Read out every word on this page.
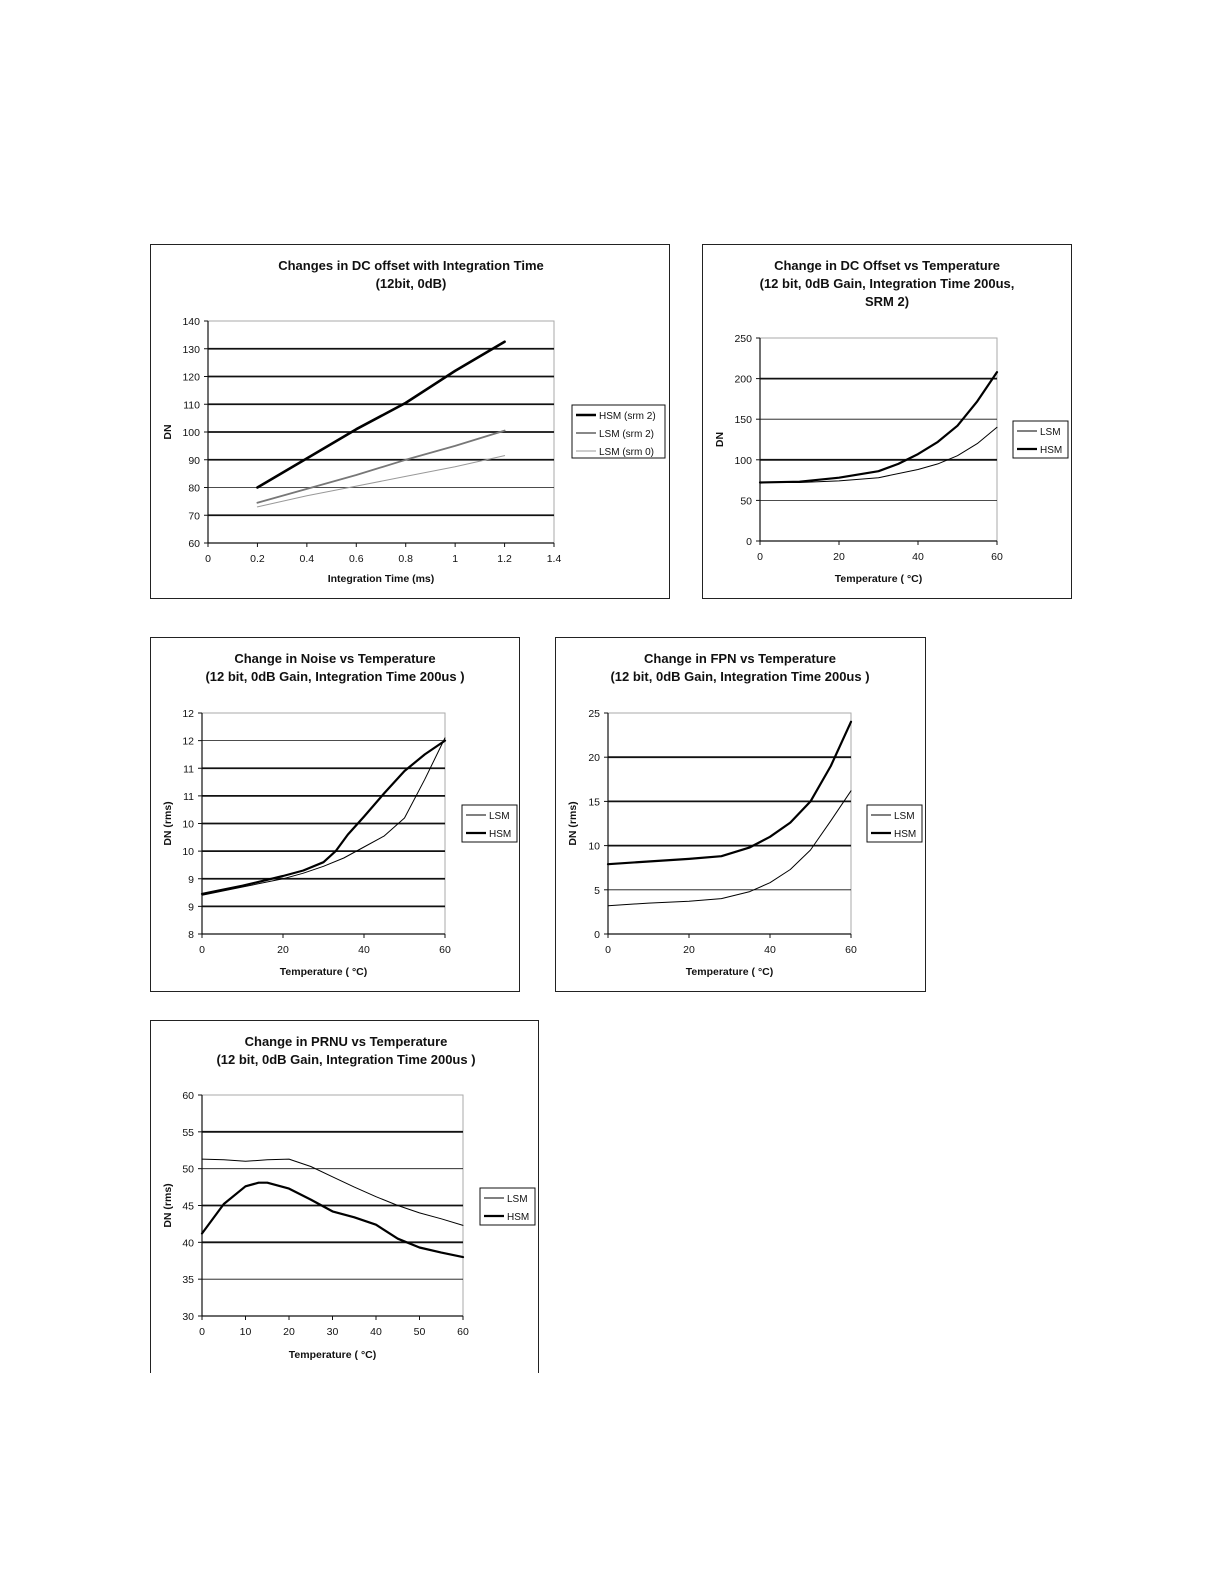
Changes in DC offset with Integration Time
(12bit, 0dB)
60
70
80
90
100
110
120
130
140
0	0.2	0.4	0.6	0.8	1	1.2	1.4
Integration Time (ms)
DN
HSM (srm 2)
LSM (srm 2)
LSM (srm 0)
Change in DC Offset vs Temperature
(12 bit, 0dB Gain, Integration Time 200us,
SRM 2)
0
50
100
150
200
250
0	20	40	60
Temperature ( °C)
DN	LSM
HSM
Change in Noise vs Temperature
(12 bit, 0dB Gain, Integration Time 200us )
8
9
9
10
10
11
11
12
12
0	20	40	60
Temperature ( °C)
DN (rms)	LSM
HSM
Change in FPN vs Temperature
(12 bit, 0dB Gain, Integration Time 200us )
0
5
10
15
20
25
0	20	40	60
Temperature ( °C)
DN (rms)	LSM
HSM
Change in PRNU vs Temperature
(12 bit, 0dB Gain, Integration Time 200us )
30
35
40
45
50
55
60
0	10	20	30	40	50	60
Temperature ( °C)
DN (rms)	LSM
HSM
